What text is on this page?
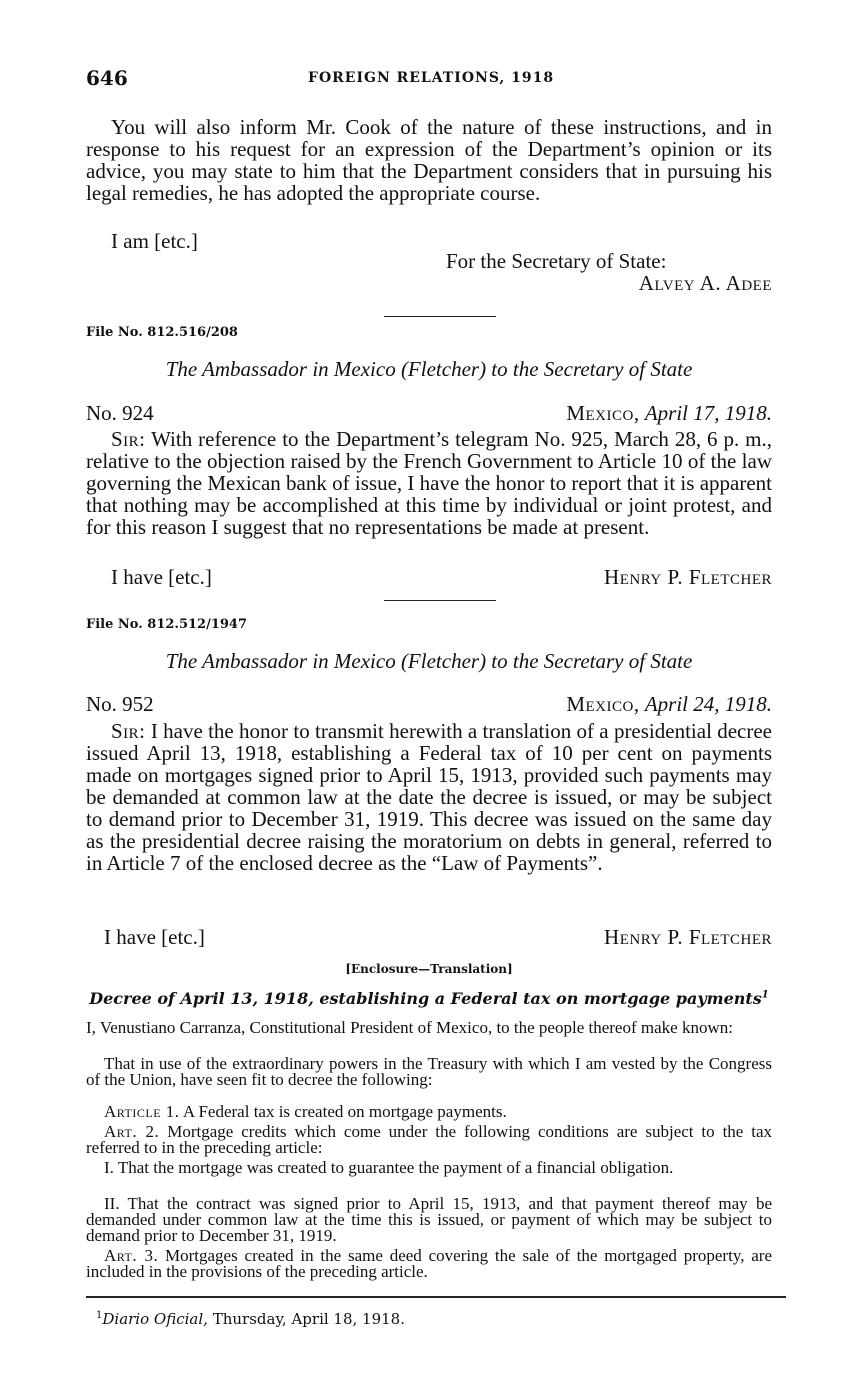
646	FOREIGN RELATIONS, 1918
You will also inform Mr. Cook of the nature of these instructions, and in response to his request for an expression of the Department’s opinion or its advice, you may state to him that the Department considers that in pursuing his legal remedies, he has adopted the appropriate course.
I am [etc.]
For the Secretary of State:
Alvey A. Adee
File No. 812.516/208
The Ambassador in Mexico (Fletcher) to the Secretary of State
No. 924	Mexico, April 17, 1918.
Sir: With reference to the Department’s telegram No. 925, March 28, 6 p. m., relative to the objection raised by the French Government to Article 10 of the law governing the Mexican bank of issue, I have the honor to report that it is apparent that nothing may be accomplished at this time by individual or joint protest, and for this reason I suggest that no representations be made at present.
I have [etc.]	Henry P. Fletcher
File No. 812.512/1947
The Ambassador in Mexico (Fletcher) to the Secretary of State
No. 952	Mexico, April 24, 1918.
Sir: I have the honor to transmit herewith a translation of a presidential decree issued April 13, 1918, establishing a Federal tax of 10 per cent on payments made on mortgages signed prior to April 15, 1913, provided such payments may be demanded at common law at the date the decree is issued, or may be subject to demand prior to December 31, 1919. This decree was issued on the same day as the presidential decree raising the moratorium on debts in general, referred to in Article 7 of the enclosed decree as the “Law of Payments”.
I have [etc.]	Henry P. Fletcher
[Enclosure—Translation]
Decree of April 13, 1918, establishing a Federal tax on mortgage payments$^1$
I, Venustiano Carranza, Constitutional President of Mexico, to the people thereof make known:
That in use of the extraordinary powers in the Treasury with which I am vested by the Congress of the Union, have seen fit to decree the following:
Article 1. A Federal tax is created on mortgage payments.
Art. 2. Mortgage credits which come under the following conditions are subject to the tax referred to in the preceding article:
I. That the mortgage was created to guarantee the payment of a financial obligation.
II. That the contract was signed prior to April 15, 1913, and that payment thereof may be demanded under common law at the time this is issued, or payment of which may be subject to demand prior to December 31, 1919.
Art. 3. Mortgages created in the same deed covering the sale of the mortgaged property, are included in the provisions of the preceding article.
$^1$Diario Oficial, Thursday, April 18, 1918.
